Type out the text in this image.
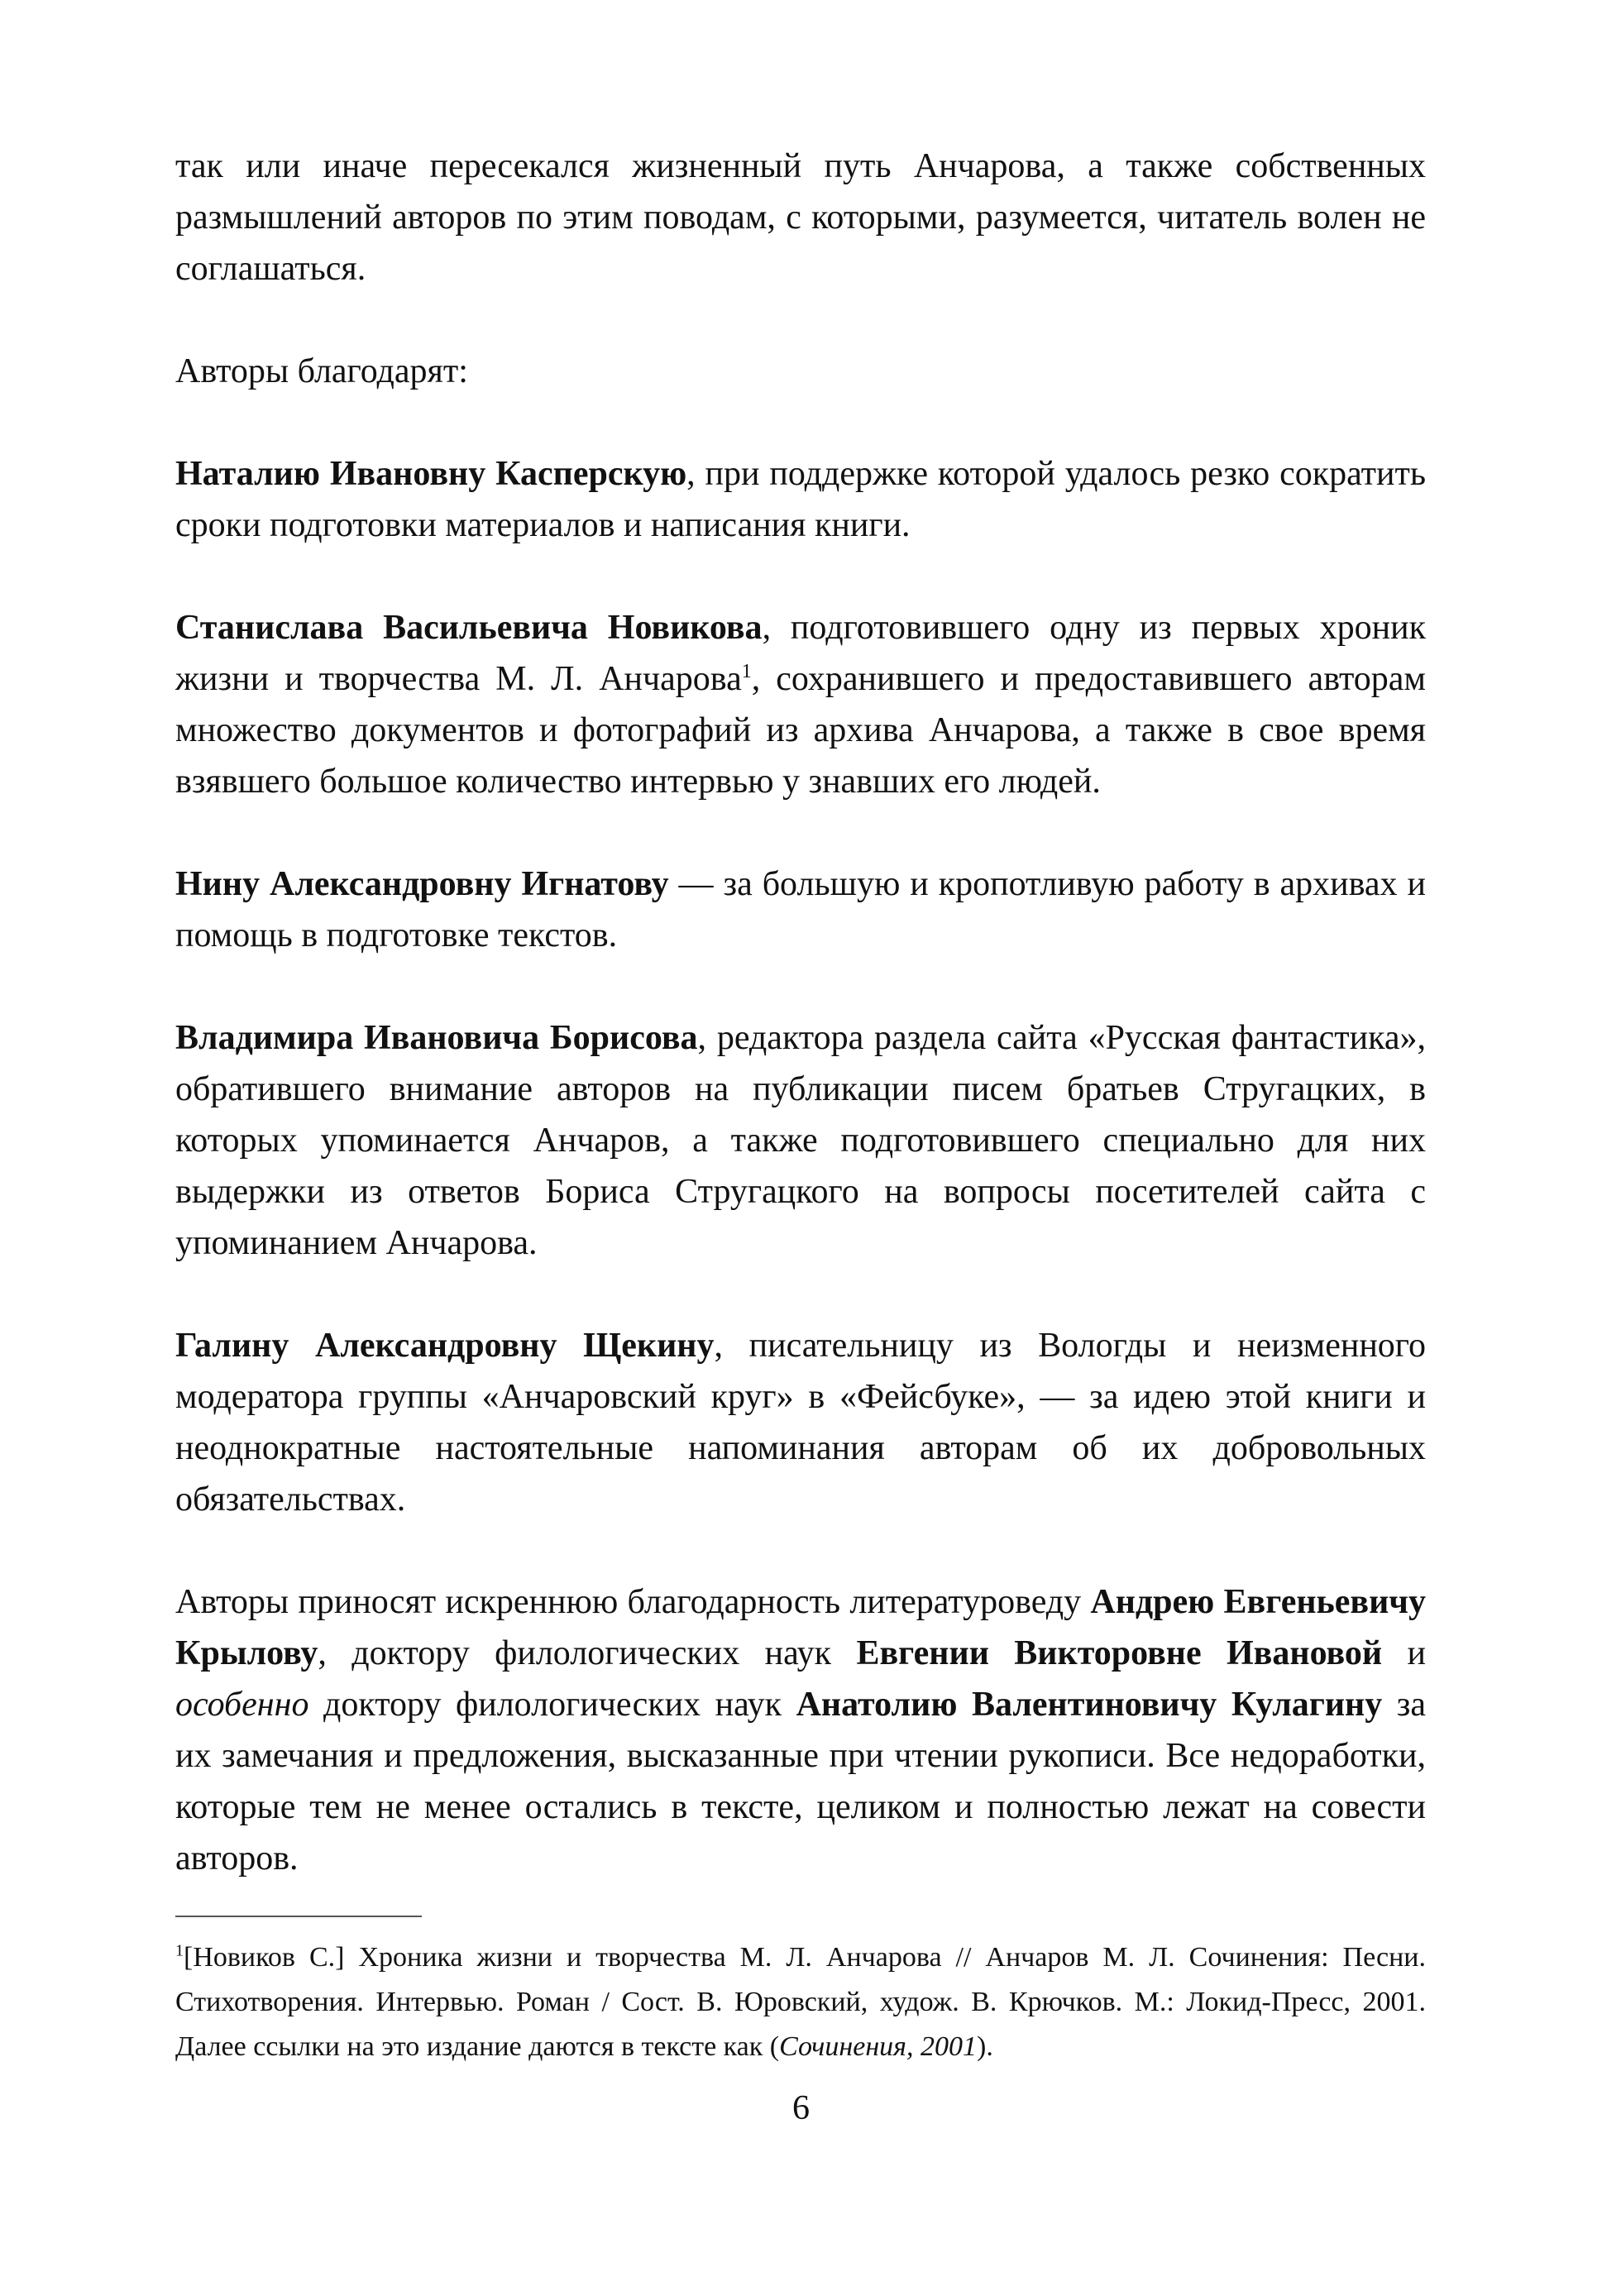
так или иначе пересекался жизненный путь Анчарова, а также собственных размышлений авторов по этим поводам, с которыми, разумеется, читатель волен не соглашаться.

Авторы благодарят:

Наталию Ивановну Касперскую, при поддержке которой удалось резко сократить сроки подготовки материалов и написания книги.

Станислава Васильевича Новикова, подготовившего одну из первых хроник жизни и творчества М. Л. Анчарова$^1$, сохранившего и предоставившего авторам множество документов и фотографий из архива Анчарова, а также в свое время взявшего большое количество интервью у знавших его людей.

Нину Александровну Игнатову — за большую и кропотливую работу в архивах и помощь в подготовке текстов.

Владимира Ивановича Борисова, редактора раздела сайта «Русская фантастика», обратившего внимание авторов на публикации писем братьев Стругацких, в которых упоминается Анчаров, а также подготовившего специально для них выдержки из ответов Бориса Стругацкого на вопросы посетителей сайта с упоминанием Анчарова.

Галину Александровну Щекину, писательницу из Вологды и неизменного модератора группы «Анчаровский круг» в «Фейсбуке», — за идею этой книги и неоднократные настоятельные напоминания авторам об их добровольных обязательствах.

Авторы приносят искреннюю благодарность литературоведу Андрею Евгеньевичу Крылову, доктору филологических наук Евгении Викторовне Ивановой и особенно доктору филологических наук Анатолию Валентиновичу Кулагину за их замечания и предложения, высказанные при чтении рукописи. Все недоработки, которые тем не менее остались в тексте, целиком и полностью лежат на совести авторов.

$^1$[Новиков С.] Хроника жизни и творчества М. Л. Анчарова // Анчаров М. Л. Сочинения: Песни. Стихотворения. Интервью. Роман / Сост. В. Юровский, худож. В. Крючков. М.: Локид-Пресс, 2001. Далее ссылки на это издание даются в тексте как (Сочинения, 2001).

6
